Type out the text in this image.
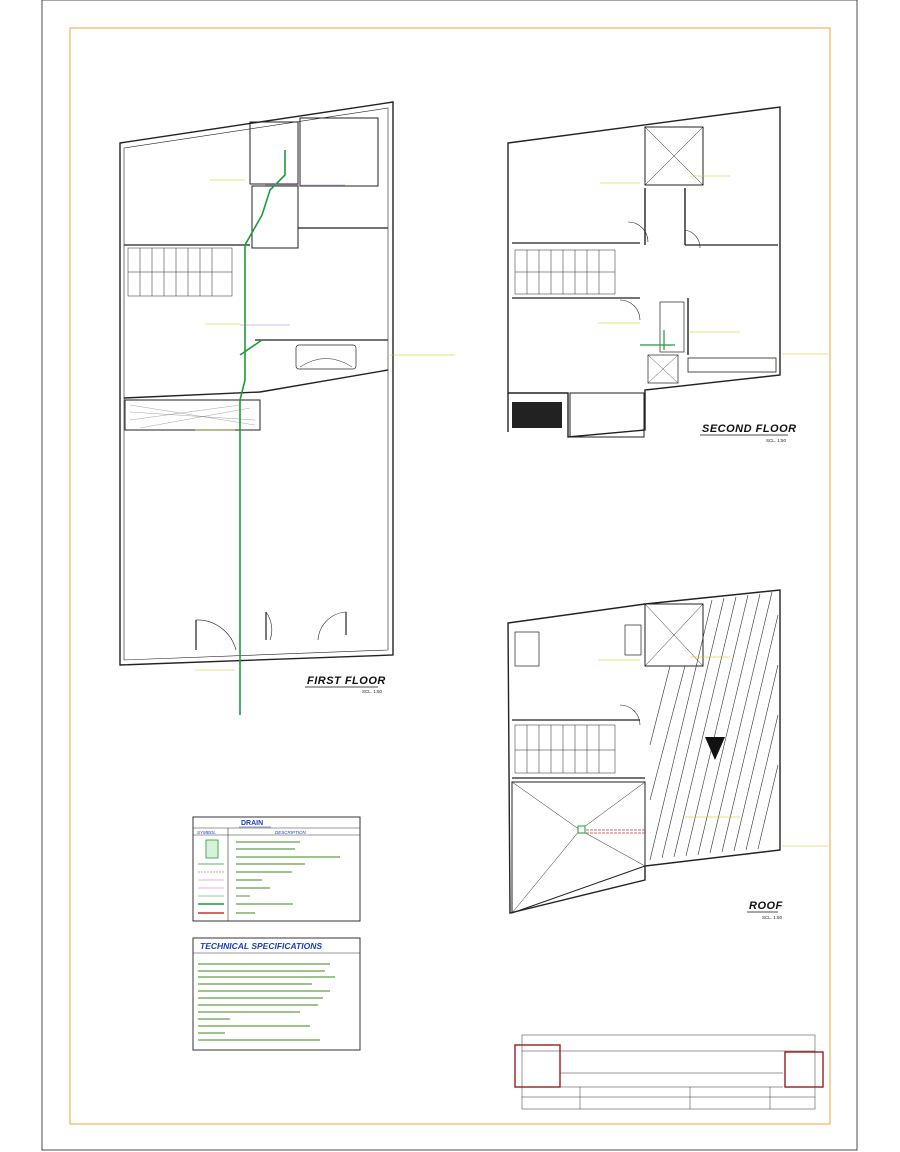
FIRST FLOOR
SCL. 1:50
SECOND FLOOR
SCL. 1:50
ROOF
SCL. 1:50
DRAIN
SYMBOL	DESCRIPTION
TECHNICAL SPECIFICATIONS
